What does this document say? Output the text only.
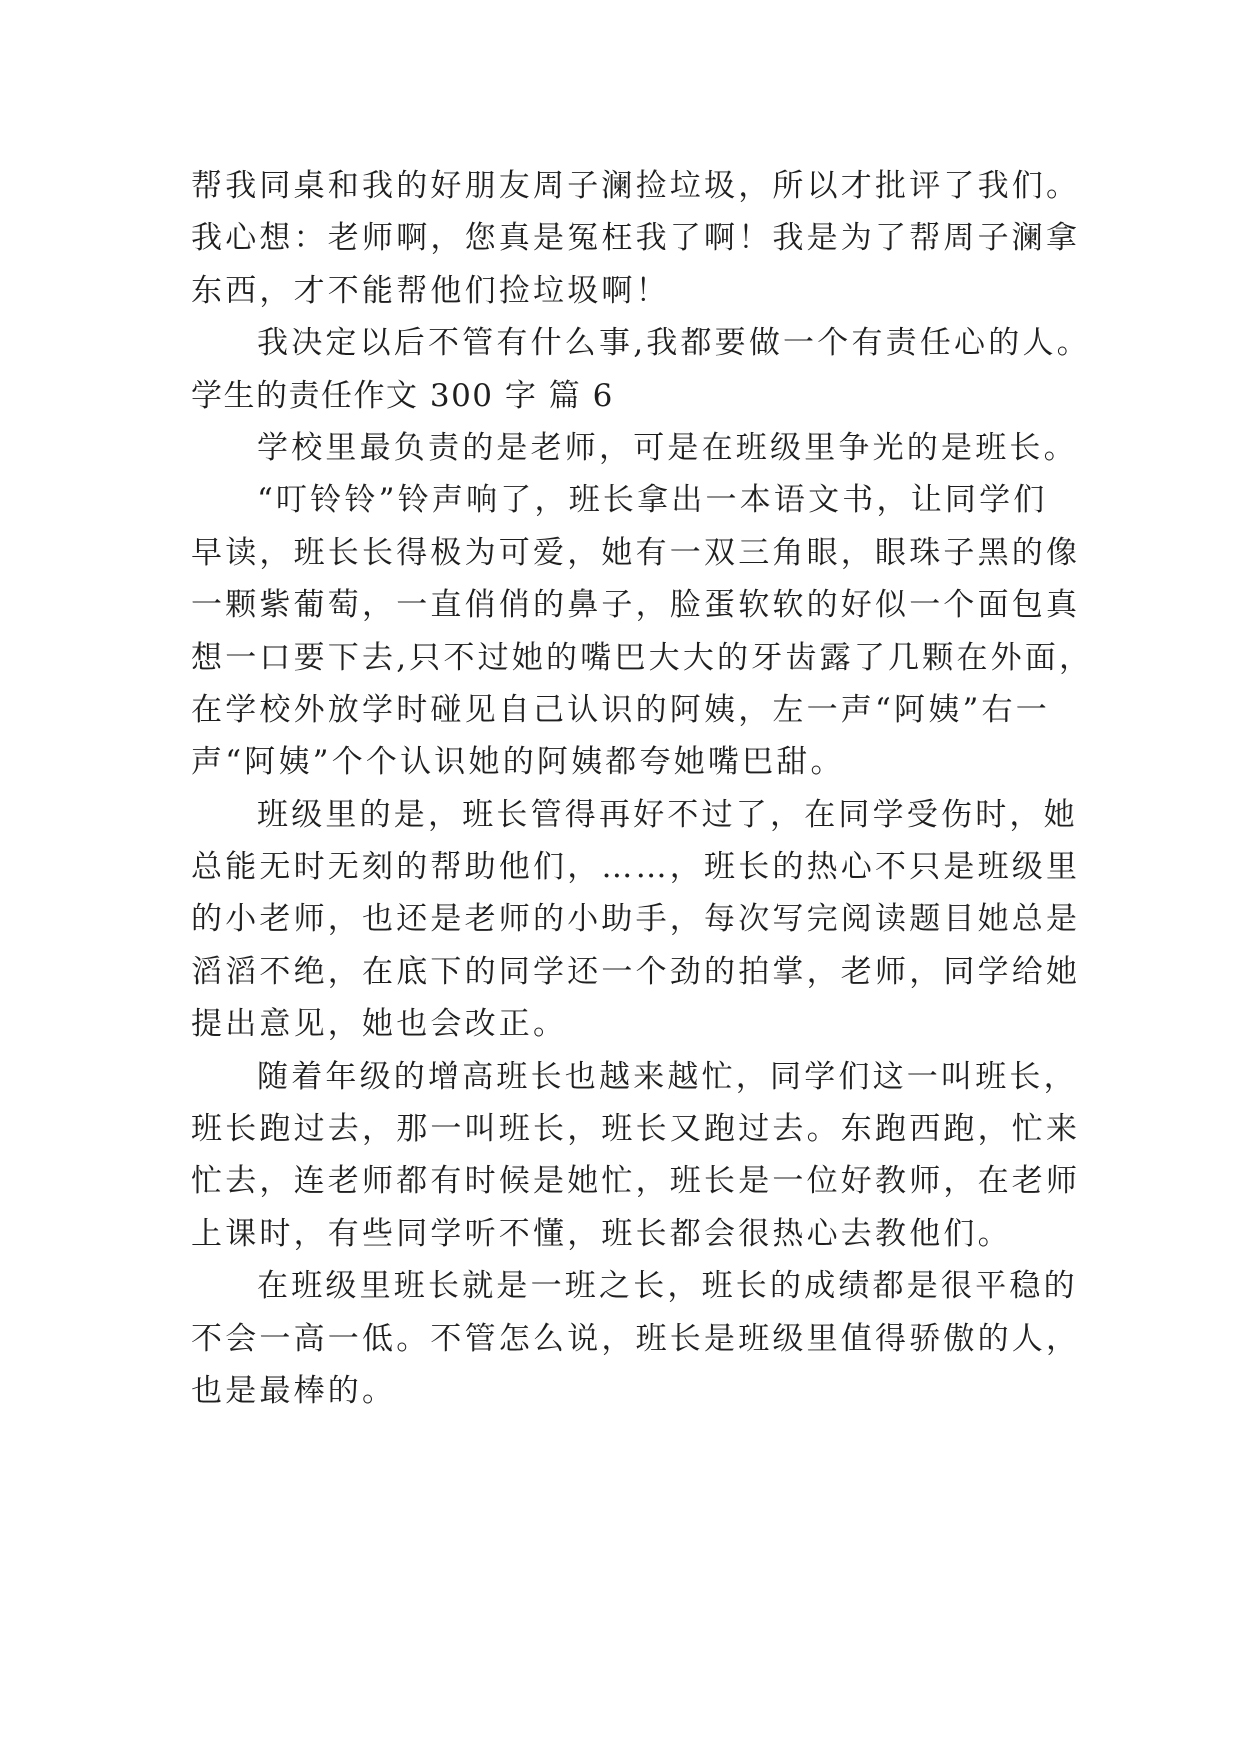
帮我同桌和我的好朋友周子澜捡垃圾，所以才批评了我们。
我心想：老师啊，您真是冤枉我了啊！我是为了帮周子澜拿
东西，才不能帮他们捡垃圾啊！
我决定以后不管有什么事,我都要做一个有责任心的人。
学生的责任作文 300 字 篇 6
学校里最负责的是老师，可是在班级里争光的是班长。
“叮铃铃”铃声响了，班长拿出一本语文书，让同学们
早读，班长长得极为可爱，她有一双三角眼，眼珠子黑的像
一颗紫葡萄，一直俏俏的鼻子，脸蛋软软的好似一个面包真
想一口要下去,只不过她的嘴巴大大的牙齿露了几颗在外面，
在学校外放学时碰见自己认识的阿姨，左一声“阿姨”右一
声“阿姨”个个认识她的阿姨都夸她嘴巴甜。
班级里的是，班长管得再好不过了，在同学受伤时，她
总能无时无刻的帮助他们，……，班长的热心不只是班级里
的小老师，也还是老师的小助手，每次写完阅读题目她总是
滔滔不绝，在底下的同学还一个劲的拍掌，老师，同学给她
提出意见，她也会改正。
随着年级的增高班长也越来越忙，同学们这一叫班长，
班长跑过去，那一叫班长，班长又跑过去。东跑西跑，忙来
忙去，连老师都有时候是她忙，班长是一位好教师，在老师
上课时，有些同学听不懂，班长都会很热心去教他们。
在班级里班长就是一班之长，班长的成绩都是很平稳的
不会一高一低。不管怎么说，班长是班级里值得骄傲的人，
也是最棒的。
